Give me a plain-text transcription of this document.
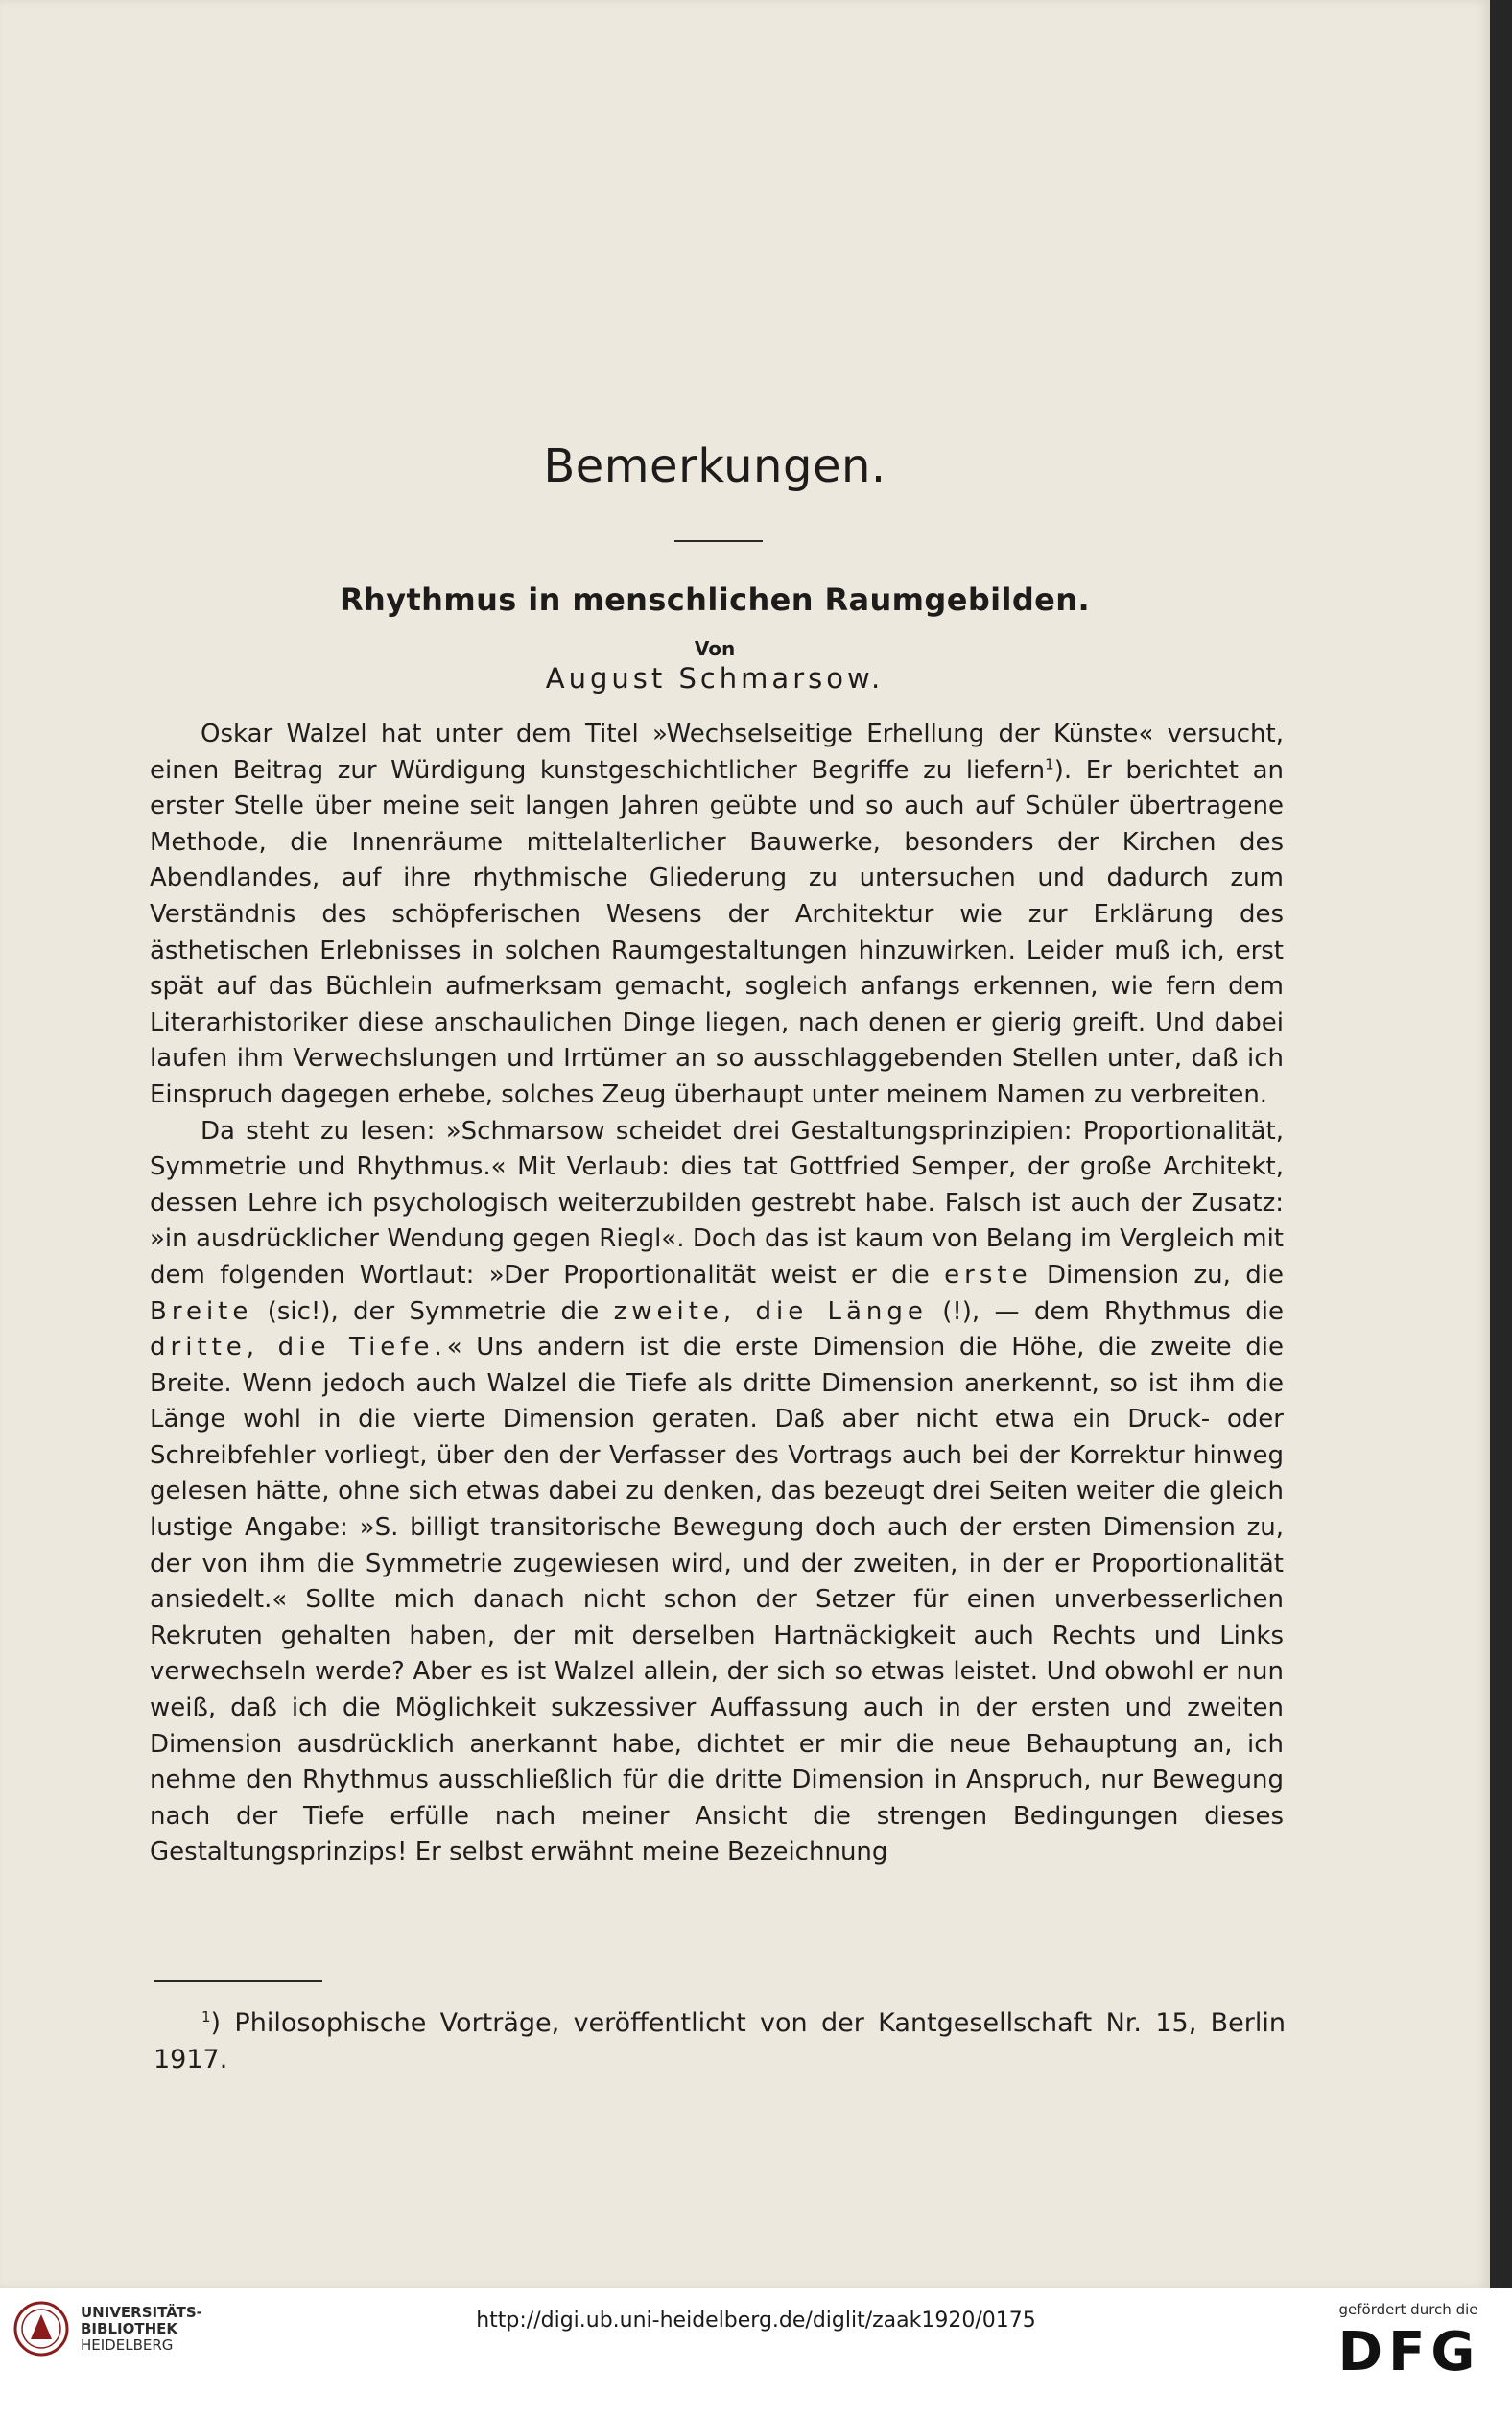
Bemerkungen.
Rhythmus in menschlichen Raumgebilden.
Von
August Schmarsow.

Oskar Walzel hat unter dem Titel »Wechselseitige Erhellung der Künste« versucht, einen Beitrag zur Würdigung kunstgeschichtlicher Begriffe zu liefern$^1$). Er berichtet an erster Stelle über meine seit langen Jahren geübte und so auch auf Schüler übertragene Methode, die Innenräume mittelalterlicher Bauwerke, besonders der Kirchen des Abendlandes, auf ihre rhythmische Gliederung zu untersuchen und dadurch zum Verständnis des schöpferischen Wesens der Architektur wie zur Erklärung des ästhetischen Erlebnisses in solchen Raumgestaltungen hinzuwirken. Leider muß ich, erst spät auf das Büchlein aufmerksam gemacht, sogleich anfangs erkennen, wie fern dem Literarhistoriker diese anschaulichen Dinge liegen, nach denen er gierig greift. Und dabei laufen ihm Verwechslungen und Irrtümer an so ausschlaggebenden Stellen unter, daß ich Einspruch dagegen erhebe, solches Zeug überhaupt unter meinem Namen zu verbreiten.

Da steht zu lesen: »Schmarsow scheidet drei Gestaltungsprinzipien: Proportionalität, Symmetrie und Rhythmus.« Mit Verlaub: dies tat Gottfried Semper, der große Architekt, dessen Lehre ich psychologisch weiterzubilden gestrebt habe. Falsch ist auch der Zusatz: »in ausdrücklicher Wendung gegen Riegl«. Doch das ist kaum von Belang im Vergleich mit dem folgenden Wortlaut: »Der Proportionalität weist er die erste Dimension zu, die Breite (sic!), der Symmetrie die zweite, die Länge (!), — dem Rhythmus die dritte, die Tiefe.« Uns andern ist die erste Dimension die Höhe, die zweite die Breite. Wenn jedoch auch Walzel die Tiefe als dritte Dimension anerkennt, so ist ihm die Länge wohl in die vierte Dimension geraten. Daß aber nicht etwa ein Druck- oder Schreibfehler vorliegt, über den der Verfasser des Vortrags auch bei der Korrektur hinweg gelesen hätte, ohne sich etwas dabei zu denken, das bezeugt drei Seiten weiter die gleich lustige Angabe: »S. billigt transitorische Bewegung doch auch der ersten Dimension zu, der von ihm die Symmetrie zugewiesen wird, und der zweiten, in der er Proportionalität ansiedelt.« Sollte mich danach nicht schon der Setzer für einen unverbesserlichen Rekruten gehalten haben, der mit derselben Hartnäckigkeit auch Rechts und Links verwechseln werde? Aber es ist Walzel allein, der sich so etwas leistet. Und obwohl er nun weiß, daß ich die Möglichkeit sukzessiver Auffassung auch in der ersten und zweiten Dimension ausdrücklich anerkannt habe, dichtet er mir die neue Behauptung an, ich nehme den Rhythmus ausschließlich für die dritte Dimension in Anspruch, nur Bewegung nach der Tiefe erfülle nach meiner Ansicht die strengen Bedingungen dieses Gestaltungsprinzips! Er selbst erwähnt meine Bezeichnung

$^1$) Philosophische Vorträge, veröffentlicht von der Kantgesellschaft Nr. 15, Berlin 1917.

UNIVERSITÄTS-
BIBLIOTHEK
HEIDELBERG
http://digi.ub.uni-heidelberg.de/diglit/zaak1920/0175	gefördert durch die
DFG
